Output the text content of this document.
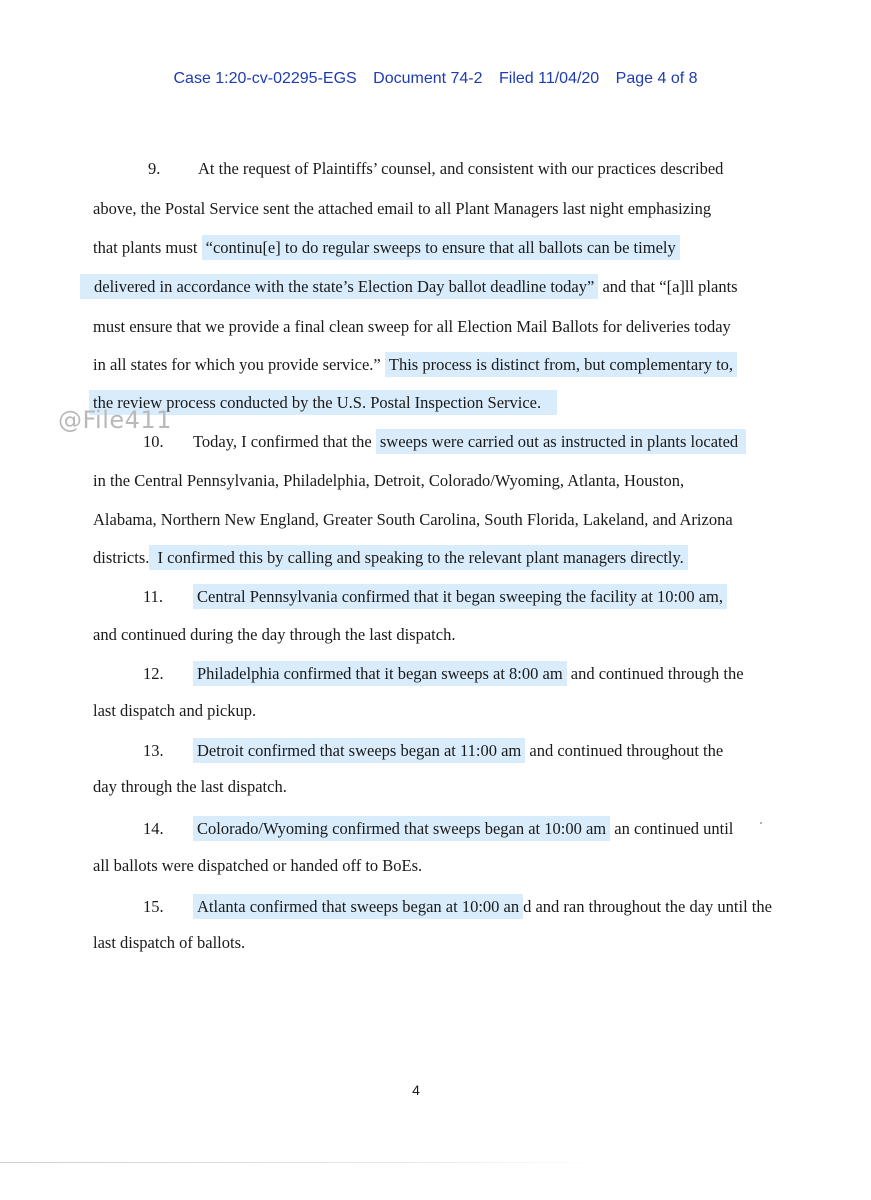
Case 1:20-cv-02295-EGS Document 74-2 Filed 11/04/20 Page 4 of 8
9. At the request of Plaintiffs’ counsel, and consistent with our practices described
above, the Postal Service sent the attached email to all Plant Managers last night emphasizing
that plants must “continu[e] to do regular sweeps to ensure that all ballots can be timely
delivered in accordance with the state’s Election Day ballot deadline today” and that “[a]ll plants
must ensure that we provide a final clean sweep for all Election Mail Ballots for deliveries today
in all states for which you provide service.” This process is distinct from, but complementary to,
the review process conducted by the U.S. Postal Inspection Service.
@File411
10. Today, I confirmed that the sweeps were carried out as instructed in plants located
in the Central Pennsylvania, Philadelphia, Detroit, Colorado/Wyoming, Atlanta, Houston,
Alabama, Northern New England, Greater South Carolina, South Florida, Lakeland, and Arizona
districts. I confirmed this by calling and speaking to the relevant plant managers directly.
11. Central Pennsylvania confirmed that it began sweeping the facility at 10:00 am,
and continued during the day through the last dispatch.
12. Philadelphia confirmed that it began sweeps at 8:00 am and continued through the
last dispatch and pickup.
13. Detroit confirmed that sweeps began at 11:00 am and continued throughout the
day through the last dispatch.
14. Colorado/Wyoming confirmed that sweeps began at 10:00 am an continued until
all ballots were dispatched or handed off to BoEs.
15. Atlanta confirmed that sweeps began at 10:00 an d and ran throughout the day until the
last dispatch of ballots.
4
